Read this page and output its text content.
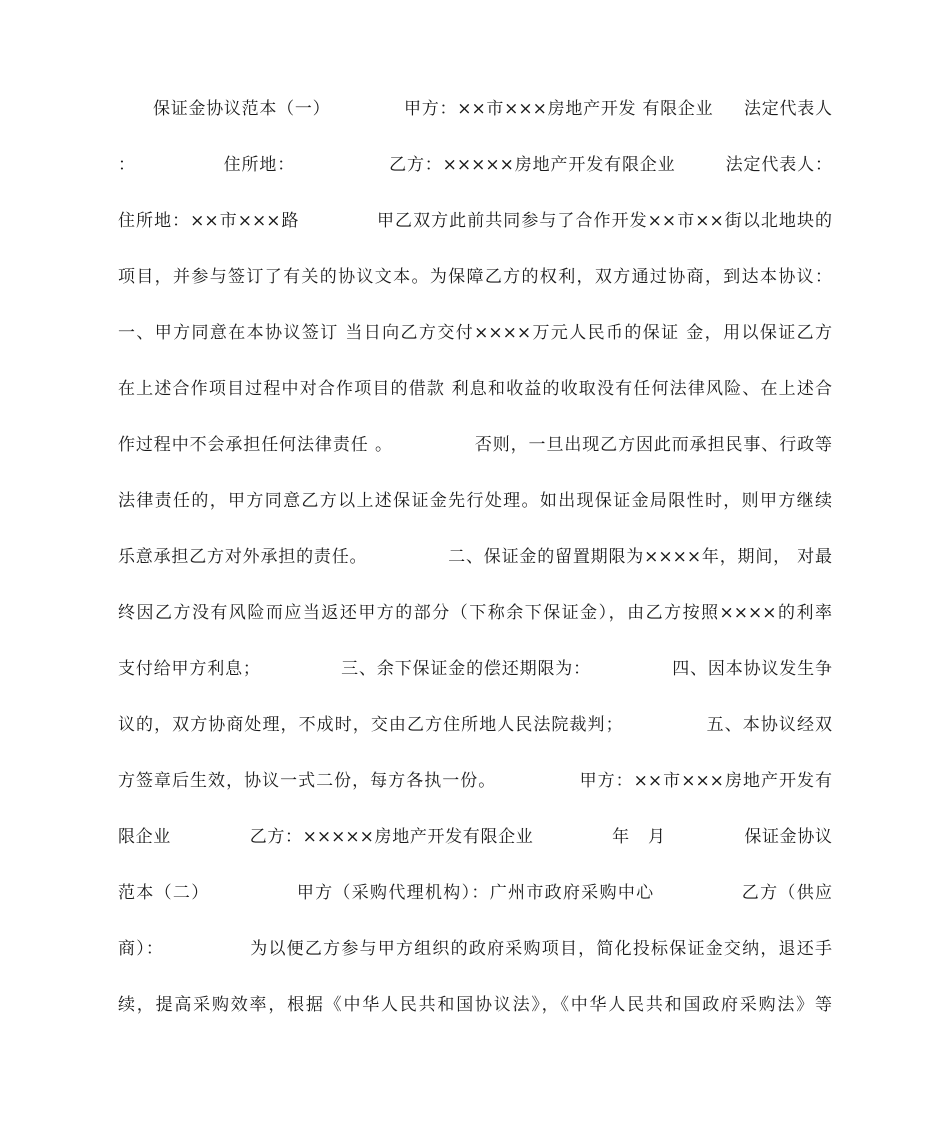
保证金协议范本（一）            甲方：××市×××房地产开发 有限企业     法定代表人
：              住所地：               乙方：×××××房地产开发有限企业        法定代表人：
住所地：××市×××路            甲乙双方此前共同参与了合作开发××市××街以北地块的
项目，并参与签订了有关的协议文本。为保障乙方的权利，双方通过协商，到达本协议：
一、甲方同意在本协议签订 当日向乙方交付××××万元人民币的保证 金，用以保证乙方
在上述合作项目过程中对合作项目的借款 利息和收益的收取没有任何法律风险、在上述合
作过程中不会承担任何法律责任 。             否则，一旦出现乙方因此而承担民事、行政等
法律责任的，甲方同意乙方以上述保证金先行处理。如出现保证金局限性时，则甲方继续
乐意承担乙方对外承担的责任。             二、保证金的留置期限为××××年，期间， 对最
终因乙方没有风险而应当返还甲方的部分（下称余下保证金），由乙方按照××××的利率
支付给甲方利息；             三、余下保证金的偿还期限为：             四、因本协议发生争
议的，双方协商处理，不成时，交由乙方住所地人民法院裁判；             五、本协议经双
方签章后生效，协议一式二份，每方各执一份。             甲方：××市×××房地产开发有
限企业             乙方：×××××房地产开发有限企业             年   月             保证金协议
范本（二）             甲方（采购代理机构）：广州市政府采购中心             乙方（供应
商）：             为以便乙方参与甲方组织的政府采购项目，简化投标保证金交纳，退还手
续，提高采购效率，根据《中华人民共和国协议法》，《中华人民共和国政府采购法》等
